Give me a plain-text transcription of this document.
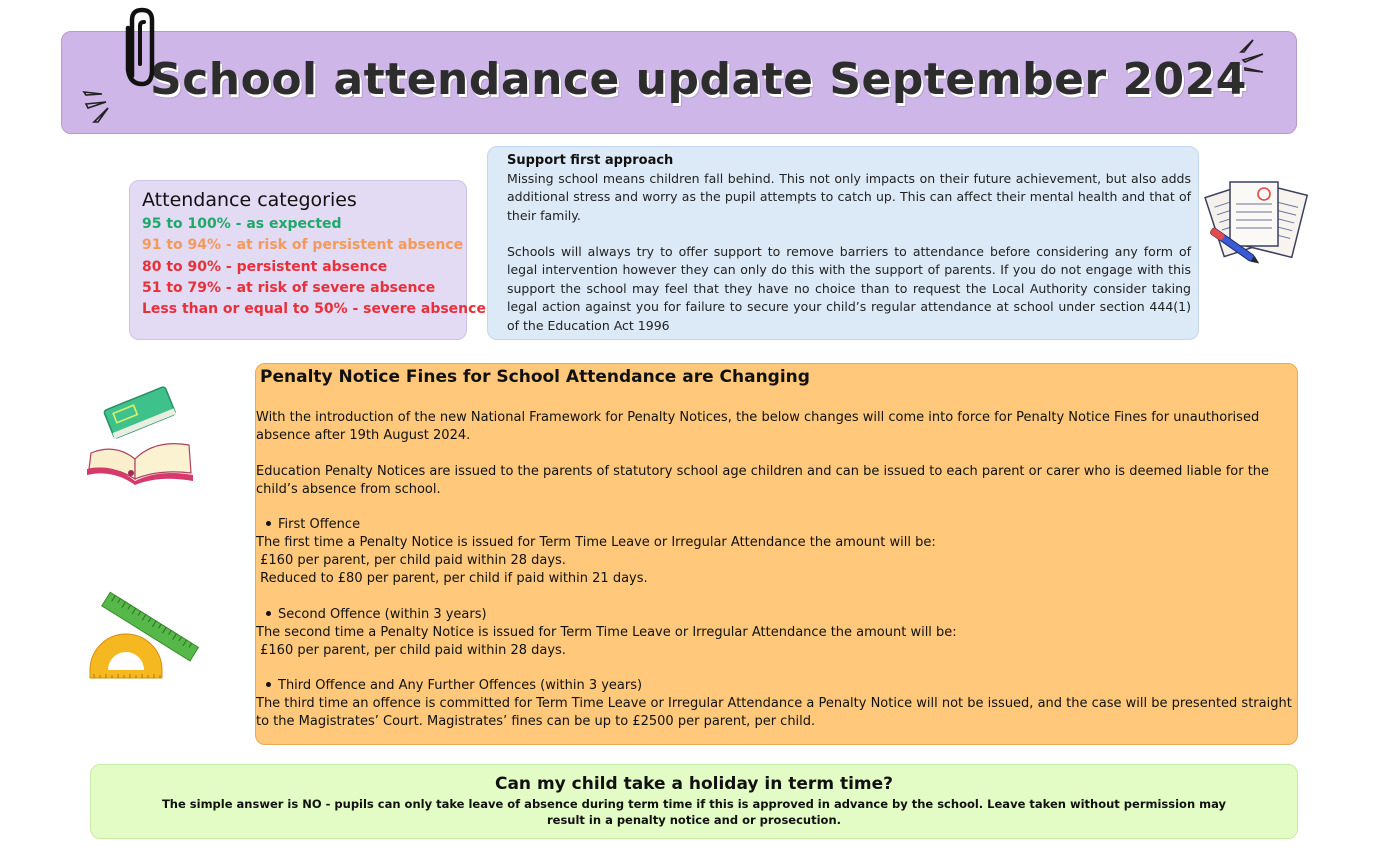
School attendance update September 2024
Attendance categories
95 to 100% - as expected
91 to 94% - at risk of persistent absence
80 to 90% - persistent absence
51 to 79% - at risk of severe absence
Less than or equal to 50% - severe absence
Support first approach
Missing school means children fall behind. This not only impacts on their future achievement, but also adds additional stress and worry as the pupil attempts to catch up. This can affect their mental health and that of their family.
Schools will always try to offer support to remove barriers to attendance before considering any form of legal intervention however they can only do this with the support of parents. If you do not engage with this support the school may feel that they have no choice than to request the Local Authority consider taking legal action against you for failure to secure your child’s regular attendance at school under section 444(1) of the Education Act 1996
Penalty Notice Fines for School Attendance are Changing
With the introduction of the new National Framework for Penalty Notices, the below changes will come into force for Penalty Notice Fines for unauthorised absence after 19th August 2024.
Education Penalty Notices are issued to the parents of statutory school age children and can be issued to each parent or carer who is deemed liable for the child’s absence from school.
First Offence
The first time a Penalty Notice is issued for Term Time Leave or Irregular Attendance the amount will be:
£160 per parent, per child paid within 28 days.
Reduced to £80 per parent, per child if paid within 21 days.
Second Offence (within 3 years)
The second time a Penalty Notice is issued for Term Time Leave or Irregular Attendance the amount will be:
£160 per parent, per child paid within 28 days.
Third Offence and Any Further Offences (within 3 years)
The third time an offence is committed for Term Time Leave or Irregular Attendance a Penalty Notice will not be issued, and the case will be presented straight to the Magistrates’ Court. Magistrates’ fines can be up to £2500 per parent, per child.
Can my child take a holiday in term time?
The simple answer is NO - pupils can only take leave of absence during term time if this is approved in advance by the school. Leave taken without permission may result in a penalty notice and or prosecution.
